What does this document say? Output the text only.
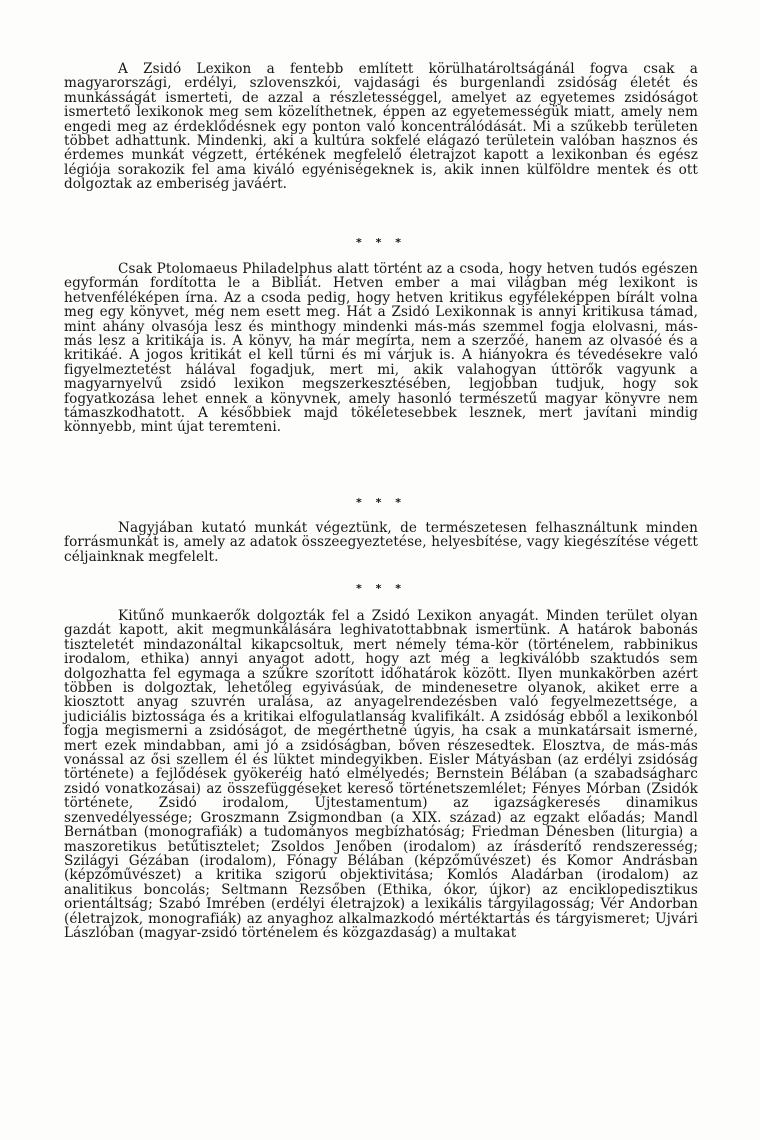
A Zsidó Lexikon a fentebb említett körülhatároltságánál fogva csak a magyarországi, erdélyi, szlovenszkói, vajdasági és burgenlandi zsidóság életét és munkásságát ismerteti, de azzal a részletességgel, amelyet az egyetemes zsidóságot ismertető lexikonok meg sem közelíthetnek, éppen az egyetemességük miatt, amely nem engedi meg az érdeklődésnek egy ponton való koncentrálódását. Mi a szűkebb területen többet adhattunk. Mindenki, aki a kultúra sokfelé elágazó területein valóban hasznos és érdemes munkát végzett, értékének megfelelő életrajzot kapott a lexikonban és egész légiója sorakozik fel ama kiváló egyéniségeknek is, akik innen külföldre mentek és ott dolgoztak az emberiség javáért.

* * *

Csak Ptolomaeus Philadelphus alatt történt az a csoda, hogy hetven tudós egészen egyformán fordította le a Bibliát. Hetven ember a mai világban még lexikont is hetvenféléképen írna. Az a csoda pedig, hogy hetven kritikus egyféleképpen bírált volna meg egy könyvet, még nem esett meg. Hát a Zsidó Lexikonnak is annyi kritikusa támad, mint ahány olvasója lesz és minthogy mindenki más-más szemmel fogja elolvasni, más-más lesz a kritikája is. A könyv, ha már megírta, nem a szerzőé, hanem az olvasóé és a kritikáé. A jogos kritikát el kell tűrni és mi várjuk is. A hiányokra és tévedésekre való figyelmeztetést hálával fogadjuk, mert mi, akik valahogyan úttörők vagyunk a magyarnyelvű zsidó lexikon megszerkesztésében, legjobban tudjuk, hogy sok fogyatkozása lehet ennek a könyvnek, amely hasonló természetű magyar könyvre nem támaszkodhatott. A későbbiek majd tökéletesebbek lesznek, mert javítani mindig könnyebb, mint újat teremteni.

* * *

Nagyjában kutató munkát végeztünk, de természetesen felhasználtunk minden forrásmunkát is, amely az adatok összeegyeztetése, helyesbítése, vagy kiegészítése végett céljainknak megfelelt.

* * *

Kitűnő munkaerők dolgozták fel a Zsidó Lexikon anyagát. Minden terület olyan gazdát kapott, akit megmunkálására leghivatottabbnak ismertünk. A határok babonás tiszteletét mindazonáltal kikapcsoltuk, mert némely téma-kör (történelem, rabbinikus irodalom, ethika) annyi anyagot adott, hogy azt még a legkiválóbb szaktudós sem dolgozhatta fel egymaga a szűkre szorított időhatárok között. Ilyen munkakörben azért többen is dolgoztak, lehetőleg egyivásúak, de mindenesetre olyanok, akiket erre a kiosztott anyag szuvrén uralása, az anyagelrendezésben való fegyelmezettsége, a judiciális biztossága és a kritikai elfogulatlanság kvalifikált. A zsidóság ebből a lexikonból fogja megismerni a zsidóságot, de megérthetné úgyis, ha csak a munkatársait ismerné, mert ezek mindabban, ami jó a zsidóságban, bőven részesedtek. Elosztva, de más-más vonással az ősi szellem él és lüktet mindegyikben. Eisler Mátyásban (az erdélyi zsidóság története) a fejlődések gyökeréig ható elmélyedés; Bernstein Bélában (a szabadságharc zsidó vonatkozásai) az összefüggéseket kereső történetszemlélet; Fényes Mórban (Zsidók története, Zsidó irodalom, Újtestamentum) az igazságkeresés dinamikus szenvedélyessége; Groszmann Zsigmondban (a XIX. század) az egzakt előadás; Mandl Bernátban (monografiák) a tudományos megbízhatóság; Friedman Dénesben (liturgia) a maszoretikus betűtisztelet; Zsoldos Jenőben (irodalom) az írásderítő rendszeresség; Szilágyi Gézában (irodalom), Fónagy Bélában (képzőművészet) és Komor Andrásban (képzőművészet) a kritika szigorú objektivitása; Komlós Aladárban (irodalom) az analitikus boncolás; Seltmann Rezsőben (Ethika, ókor, újkor) az enciklopedisztikus orientáltság; Szabó Imrében (erdélyi életrajzok) a lexikális tárgyilagosság; Vér Andorban (életrajzok, monografiák) az anyaghoz alkalmazkodó mértéktartás és tárgyismeret; Ujvári Lászlóban (magyar-zsidó történelem és közgazdaság) a multakat
